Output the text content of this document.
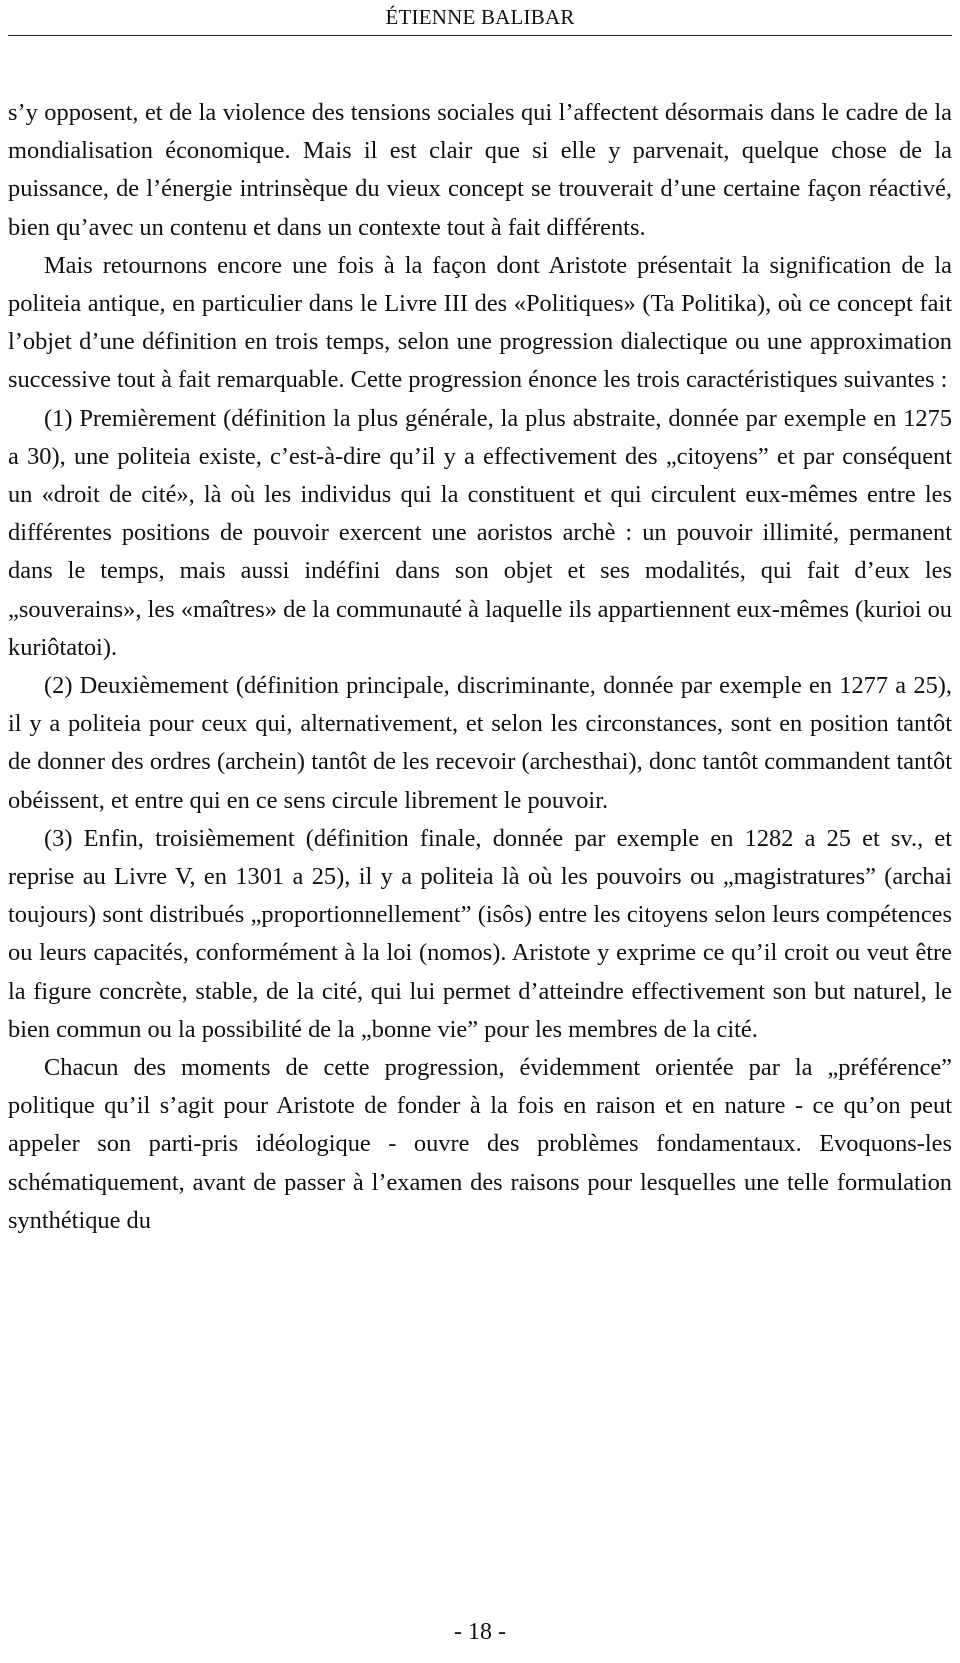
ÉTIENNE BALIBAR

s’y opposent, et de la violence des tensions sociales qui l’affectent désormais dans le cadre de la mondialisation économique. Mais il est clair que si elle y parvenait, quelque chose de la puissance, de l’énergie intrinsèque du vieux concept se trouverait d’une certaine façon réactivé, bien qu’avec un contenu et dans un contexte tout à fait différents.

Mais retournons encore une fois à la façon dont Aristote présentait la signification de la politeia antique, en particulier dans le Livre III des «Politiques» (Ta Politika), où ce concept fait l’objet d’une définition en trois temps, selon une progression dialectique ou une approximation successive tout à fait remarquable. Cette progression énonce les trois caractéristiques suivantes :

(1) Premièrement (définition la plus générale, la plus abstraite, donnée par exemple en 1275 a 30), une politeia existe, c’est-à-dire qu’il y a effectivement des „citoyens” et par conséquent un «droit de cité», là où les individus qui la constituent et qui circulent eux-mêmes entre les différentes positions de pouvoir exercent une aoristos archè : un pouvoir illimité, permanent dans le temps, mais aussi indéfini dans son objet et ses modalités, qui fait d’eux les „souverains», les «maîtres» de la communauté à laquelle ils appartiennent eux-mêmes (kurioi ou kuriôtatoi).

(2) Deuxièmement (définition principale, discriminante, donnée par exemple en 1277 a 25), il y a politeia pour ceux qui, alternativement, et selon les circonstances, sont en position tantôt de donner des ordres (archein) tantôt de les recevoir (archesthai), donc tantôt commandent tantôt obéissent, et entre qui en ce sens circule librement le pouvoir.

(3) Enfin, troisièmement (définition finale, donnée par exemple en 1282 a 25 et sv., et reprise au Livre V, en 1301 a 25), il y a politeia là où les pouvoirs ou „magistratures” (archai toujours) sont distribués „proportionnellement” (isôs) entre les citoyens selon leurs compétences ou leurs capacités, conformément à la loi (nomos). Aristote y exprime ce qu’il croit ou veut être la figure concrète, stable, de la cité, qui lui permet d’atteindre effectivement son but naturel, le bien commun ou la possibilité de la „bonne vie” pour les membres de la cité.

Chacun des moments de cette progression, évidemment orientée par la „préférence” politique qu’il s’agit pour Aristote de fonder à la fois en raison et en nature - ce qu’on peut appeler son parti-pris idéologique - ouvre des problèmes fondamentaux. Evoquons-les schématiquement, avant de passer à l’examen des raisons pour lesquelles une telle formulation synthétique du

- 18 -
